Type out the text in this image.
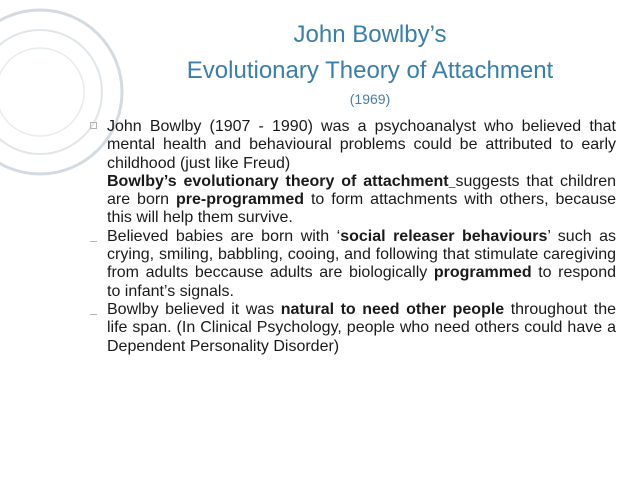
John Bowlby’s
Evolutionary Theory of Attachment
(1969)
John Bowlby (1907 - 1990) was a psychoanalyst who believed that mental health and behavioural problems could be attributed to early childhood (just like Freud)
Bowlby’s evolutionary theory of attachment suggests that children are born pre-programmed to form attachments with others, because this will help them survive.
Believed babies are born with ‘social releaser behaviours’ such as crying, smiling, babbling, cooing, and following that stimulate caregiving from adults beccause adults are biologically programmed to respond to infant’s signals.
Bowlby believed it was natural to need other people throughout the life span. (In Clinical Psychology, people who need others could have a Dependent Personality Disorder)
